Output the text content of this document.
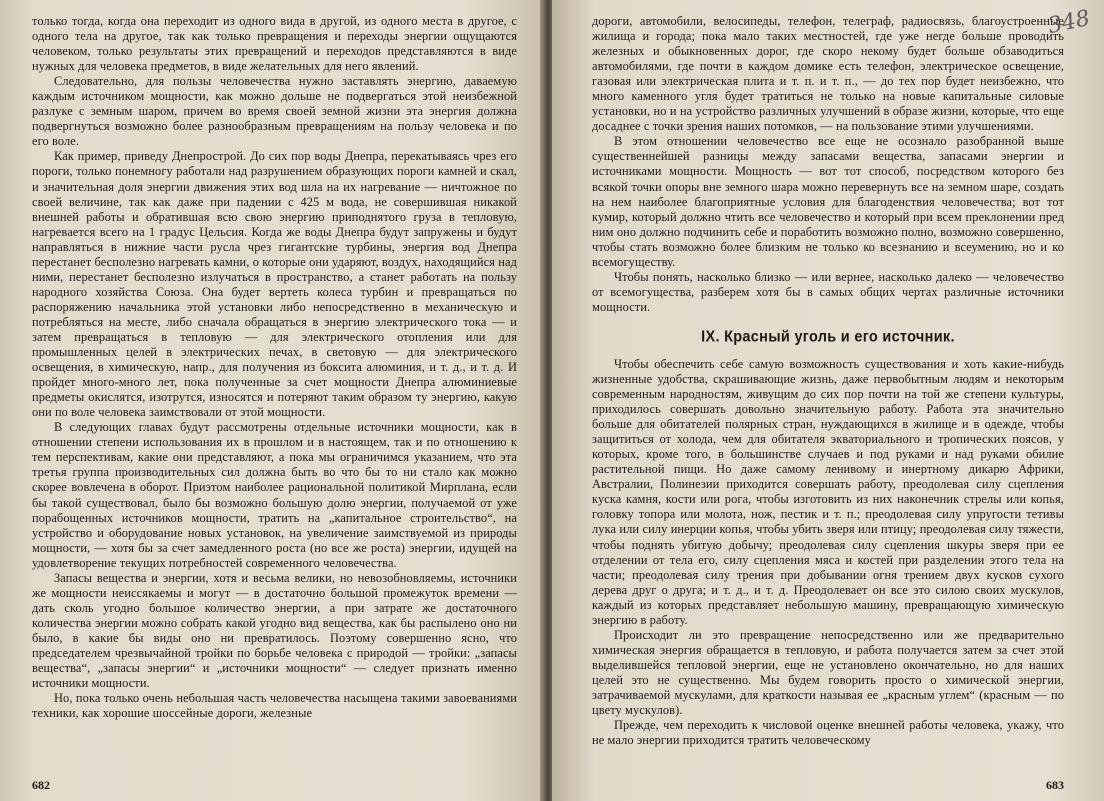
только тогда, когда она переходит из одного вида в другой, из одного места в другое, с одного тела на другое, так как только превращения и переходы энергии ощущаются человеком, только результаты этих превращений и переходов представляются в виде нужных для человека предметов, в виде желательных для него явлений.

Следовательно, для пользы человечества нужно заставлять энергию, даваемую каждым источником мощности, как можно дольше не подвергаться этой неизбежной разлуке с земным шаром, причем во время своей земной жизни эта энергия должна подвергнуться возможно более разнообразным превращениям на пользу человека и по его воле.

Как пример, приведу Днепрострой. До сих пор воды Днепра, перекатываясь чрез его пороги, только понемногу работали над разрушением образующих пороги камней и скал, и значительная доля энергии движения этих вод шла на их нагревание — ничтожное по своей величине, так как даже при падении с 425 м вода, не совершившая никакой внешней работы и обратившая всю свою энергию приподнятого груза в тепловую, нагревается всего на 1 градус Цельсия. Когда же воды Днепра будут запружены и будут направляться в нижние части русла чрез гигантские турбины, энергия вод Днепра перестанет бесполезно нагревать камни, о которые они ударяют, воздух, находящийся над ними, перестанет бесполезно излучаться в пространство, а станет работать на пользу народного хозяйства Союза. Она будет вертеть колеса турбин и превращаться по распоряжению начальника этой установки либо непосредственно в механическую и потребляться на месте, либо сначала обращаться в энергию электрического тока — и затем превращаться в тепловую — для электрического отопления или для промышленных целей в электрических печах, в световую — для электрического освещения, в химическую, напр., для получения из боксита алюминия, и т. д., и т. д. И пройдет много-много лет, пока полученные за счет мощности Днепра алюминиевые предметы окислятся, изотрутся, износятся и потеряют таким образом ту энергию, какую они по воле человека заимствовали от этой мощности.

В следующих главах будут рассмотрены отдельные источники мощности, как в отношении степени использования их в прошлом и в настоящем, так и по отношению к тем перспективам, какие они представляют, а пока мы ограничимся указанием, что эта третья группа производительных сил должна быть во что бы то ни стало как можно скорее вовлечена в оборот. Приэтом наиболее рациональной политикой Мирплана, если бы такой существовал, было бы возможно большую долю энергии, получаемой от уже порабощенных источников мощности, тратить на „капитальное строительство“, на устройство и оборудование новых установок, на увеличение заимствуемой из природы мощности, — хотя бы за счет замедленного роста (но все же роста) энергии, идущей на удовлетворение текущих потребностей современного человечества.

Запасы вещества и энергии, хотя и весьма велики, но невозобновляемы, источники же мощности неиссякаемы и могут — в достаточно большой промежуток времени — дать сколь угодно большое количество энергии, а при затрате же достаточного количества энергии можно собрать какой угодно вид вещества, как бы распылено оно ни было, в какие бы виды оно ни превратилось. Поэтому совершенно ясно, что председателем чрезвычайной тройки по борьбе человека с природой — тройки: „запасы вещества“, „запасы энергии“ и „источники мощности“ — следует признать именно источники мощности.

Но, пока только очень небольшая часть человечества насыщена такими завоеваниями техники, как хорошие шоссейные дороги, железные

682
348

дороги, автомобили, велосипеды, телефон, телеграф, радиосвязь, благоустроенные жилища и города; пока мало таких местностей, где уже негде больше проводить железных и обыкновенных дорог, где скоро некому будет больше обзаводиться автомобилями, где почти в каждом домике есть телефон, электрическое освещение, газовая или электрическая плита и т. п. и т. п., — до тех пор будет неизбежно, что много каменного угля будет тратиться не только на новые капитальные силовые установки, но и на устройство различных улучшений в образе жизни, которые, что еще досаднее с точки зрения наших потомков, — на пользование этими улучшениями.

В этом отношении человечество все еще не осознало разобранной выше существеннейшей разницы между запасами вещества, запасами энергии и источниками мощности. Мощность — вот тот способ, посредством которого без всякой точки опоры вне земного шара можно перевернуть все на земном шаре, создать на нем наиболее благоприятные условия для благоденствия человечества; вот тот кумир, который должно чтить все человечество и который при всем преклонении пред ним оно должно подчинить себе и поработить возможно полно, возможно совершенно, чтобы стать возможно более близким не только ко всезнанию и всеумению, но и ко всемогуществу.

Чтобы понять, насколько близко — или вернее, насколько далеко — человечество от всемогущества, разберем хотя бы в самых общих чертах различные источники мощности.

IX. Красный уголь и его источник.

Чтобы обеспечить себе самую возможность существования и хоть какие-нибудь жизненные удобства, скрашивающие жизнь, даже первобытным людям и некоторым современным народностям, живущим до сих пор почти на той же степени культуры, приходилось совершать довольно значительную работу. Работа эта значительно больше для обитателей полярных стран, нуждающихся в жилище и в одежде, чтобы защититься от холода, чем для обитателя экваториального и тропических поясов, у которых, кроме того, в большинстве случаев и под руками и над руками обилие растительной пищи. Но даже самому ленивому и инертному дикарю Африки, Австралии, Полинезии приходится совершать работу, преодолевая силу сцепления куска камня, кости или рога, чтобы изготовить из них наконечник стрелы или копья, головку топора или молота, нож, пестик и т. п.; преодолевая силу упругости тетивы лука или силу инерции копья, чтобы убить зверя или птицу; преодолевая силу тяжести, чтобы поднять убитую добычу; преодолевая силу сцепления шкуры зверя при ее отделении от тела его, силу сцепления мяса и костей при разделении этого тела на части; преодолевая силу трения при добывании огня трением двух кусков сухого дерева друг о друга; и т. д., и т. д. Преодолевает он все это силою своих мускулов, каждый из которых представляет небольшую машину, превращающую химическую энергию в работу.

Происходит ли это превращение непосредственно или же предварительно химическая энергия обращается в тепловую, и работа получается затем за счет этой выделившейся тепловой энергии, еще не установлено окончательно, но для наших целей это не существенно. Мы будем говорить просто о химической энергии, затрачиваемой мускулами, для краткости называя ее „красным углем“ (красным — по цвету мускулов).

Прежде, чем переходить к числовой оценке внешней работы человека, укажу, что не мало энергии приходится тратить человеческому

683
